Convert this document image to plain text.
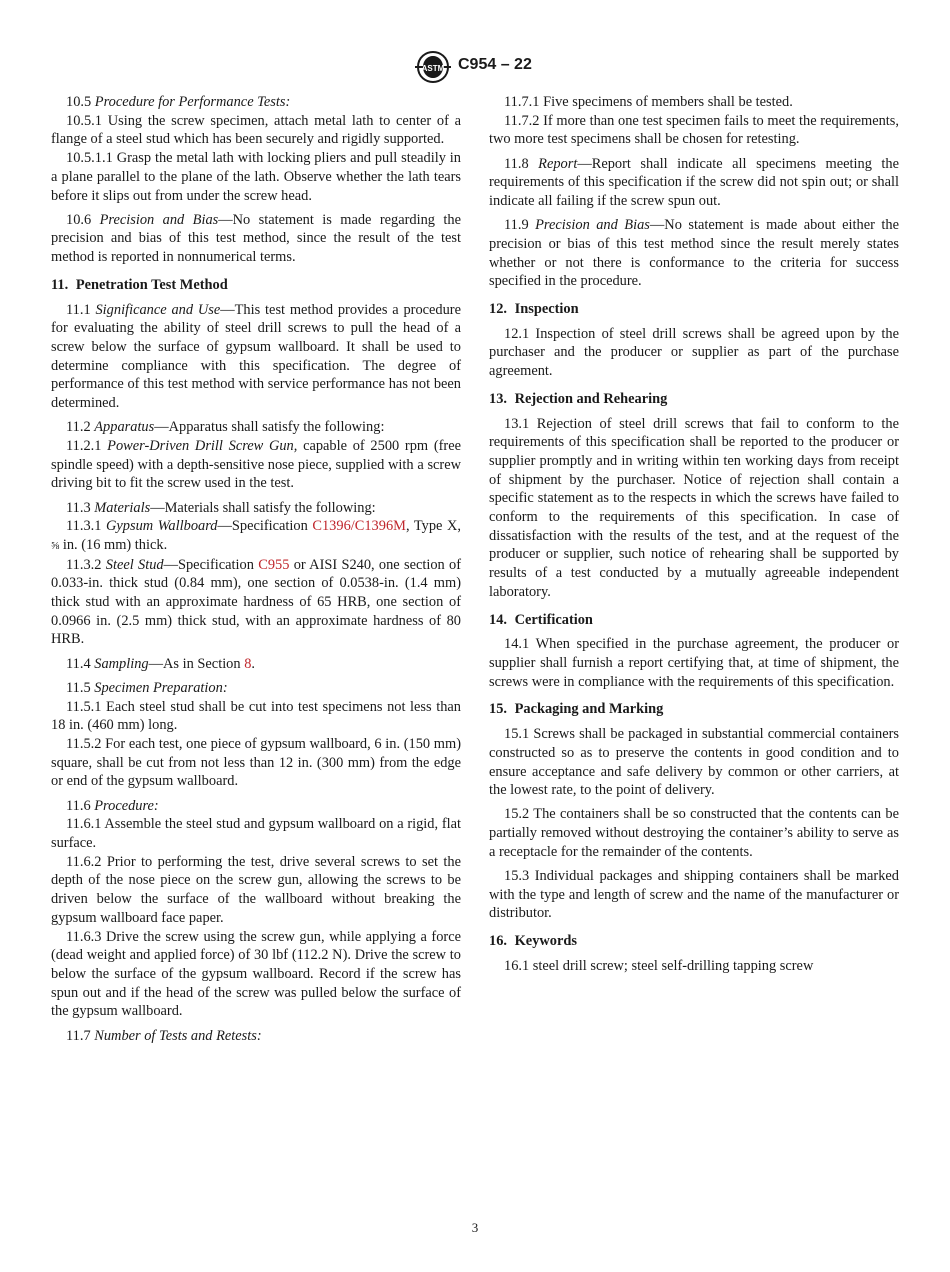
ASTM C954 – 22

10.5 Procedure for Performance Tests:

10.5.1 Using the screw specimen, attach metal lath to center of a flange of a steel stud which has been securely and rigidly supported.

10.5.1.1 Grasp the metal lath with locking pliers and pull steadily in a plane parallel to the plane of the lath. Observe whether the lath tears before it slips out from under the screw head.

10.6 Precision and Bias—No statement is made regarding the precision and bias of this test method, since the result of the test method is reported in nonnumerical terms.

11. Penetration Test Method

11.1 Significance and Use—This test method provides a procedure for evaluating the ability of steel drill screws to pull the head of a screw below the surface of gypsum wallboard. It shall be used to determine compliance with this specification. The degree of performance of this test method with service performance has not been determined.

11.2 Apparatus—Apparatus shall satisfy the following:

11.2.1 Power-Driven Drill Screw Gun, capable of 2500 rpm (free spindle speed) with a depth-sensitive nose piece, supplied with a screw driving bit to fit the screw used in the test.

11.3 Materials—Materials shall satisfy the following:

11.3.1 Gypsum Wallboard—Specification C1396/C1396M, Type X, ⅝ in. (16 mm) thick.

11.3.2 Steel Stud—Specification C955 or AISI S240, one section of 0.033-in. thick stud (0.84 mm), one section of 0.0538-in. (1.4 mm) thick stud with an approximate hardness of 65 HRB, one section of 0.0966 in. (2.5 mm) thick stud, with an approximate hardness of 80 HRB.

11.4 Sampling—As in Section 8.

11.5 Specimen Preparation:

11.5.1 Each steel stud shall be cut into test specimens not less than 18 in. (460 mm) long.

11.5.2 For each test, one piece of gypsum wallboard, 6 in. (150 mm) square, shall be cut from not less than 12 in. (300 mm) from the edge or end of the gypsum wallboard.

11.6 Procedure:

11.6.1 Assemble the steel stud and gypsum wallboard on a rigid, flat surface.

11.6.2 Prior to performing the test, drive several screws to set the depth of the nose piece on the screw gun, allowing the screws to be driven below the surface of the wallboard without breaking the gypsum wallboard face paper.

11.6.3 Drive the screw using the screw gun, while applying a force (dead weight and applied force) of 30 lbf (112.2 N). Drive the screw to below the surface of the gypsum wallboard. Record if the screw has spun out and if the head of the screw was pulled below the surface of the gypsum wallboard.

11.7 Number of Tests and Retests:

11.7.1 Five specimens of members shall be tested.

11.7.2 If more than one test specimen fails to meet the requirements, two more test specimens shall be chosen for retesting.

11.8 Report—Report shall indicate all specimens meeting the requirements of this specification if the screw did not spin out; or shall indicate all failing if the screw spun out.

11.9 Precision and Bias—No statement is made about either the precision or bias of this test method since the result merely states whether or not there is conformance to the criteria for success specified in the procedure.

12. Inspection

12.1 Inspection of steel drill screws shall be agreed upon by the purchaser and the producer or supplier as part of the purchase agreement.

13. Rejection and Rehearing

13.1 Rejection of steel drill screws that fail to conform to the requirements of this specification shall be reported to the producer or supplier promptly and in writing within ten working days from receipt of shipment by the purchaser. Notice of rejection shall contain a specific statement as to the respects in which the screws have failed to conform to the requirements of this specification. In case of dissatisfaction with the results of the test, and at the request of the producer or supplier, such notice of rehearing shall be supported by results of a test conducted by a mutually agreeable independent laboratory.

14. Certification

14.1 When specified in the purchase agreement, the producer or supplier shall furnish a report certifying that, at time of shipment, the screws were in compliance with the requirements of this specification.

15. Packaging and Marking

15.1 Screws shall be packaged in substantial commercial containers constructed so as to preserve the contents in good condition and to ensure acceptance and safe delivery by common or other carriers, at the lowest rate, to the point of delivery.

15.2 The containers shall be so constructed that the contents can be partially removed without destroying the container’s ability to serve as a receptacle for the remainder of the contents.

15.3 Individual packages and shipping containers shall be marked with the type and length of screw and the name of the manufacturer or distributor.

16. Keywords

16.1 steel drill screw; steel self-drilling tapping screw

3
